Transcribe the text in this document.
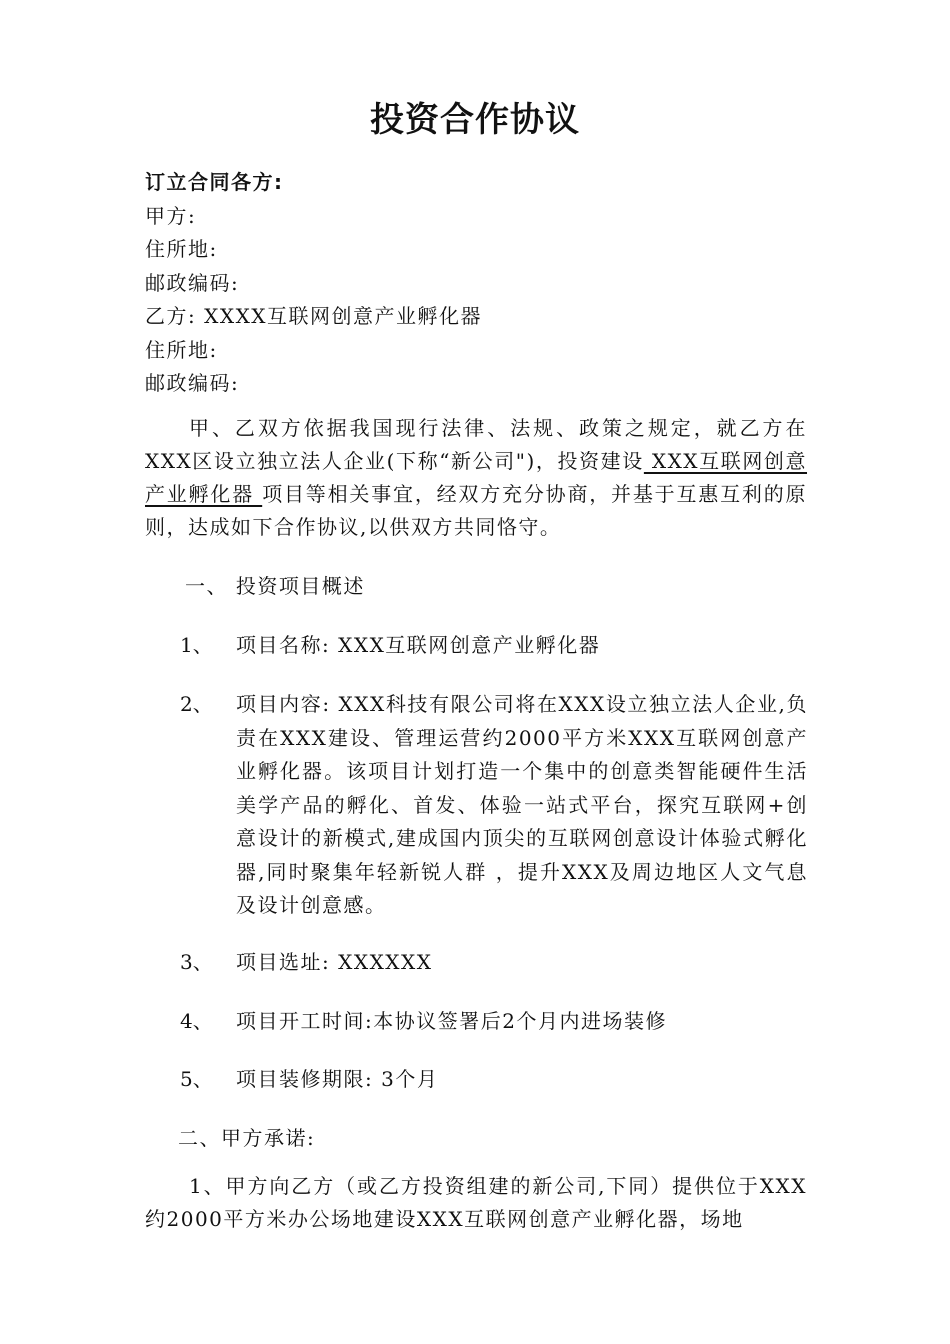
投资合作协议
订立合同各方:
甲方:
住所地:
邮政编码:
乙方: XXXX互联网创意产业孵化器
住所地:
邮政编码:
甲、乙双方依据我国现行法律、法规、政策之规定，就乙方在XXX区设立独立法人企业(下称“新公司")，投资建设 XXX互联网创意产业孵化器 项目等相关事宜，经双方充分协商，并基于互惠互利的原则，达成如下合作协议,以供双方共同恪守。
一、 投资项目概述
1、 项目名称: XXX互联网创意产业孵化器
2、 项目内容: XXX科技有限公司将在XXX设立独立法人企业,负责在XXX建设、管理运营约2000平方米XXX互联网创意产业孵化器。该项目计划打造一个集中的创意类智能硬件生活美学产品的孵化、首发、体验一站式平台，探究互联网+创意设计的新模式,建成国内顶尖的互联网创意设计体验式孵化器,同时聚集年轻新锐人群 ，提升XXX及周边地区人文气息及设计创意感。
3、 项目选址: XXXXXX
4、 项目开工时间:本协议签署后2个月内进场装修
5、 项目装修期限: 3个月
二、甲方承诺:
1、甲方向乙方（或乙方投资组建的新公司,下同）提供位于XXX约2000平方米办公场地建设XXX互联网创意产业孵化器，场地
